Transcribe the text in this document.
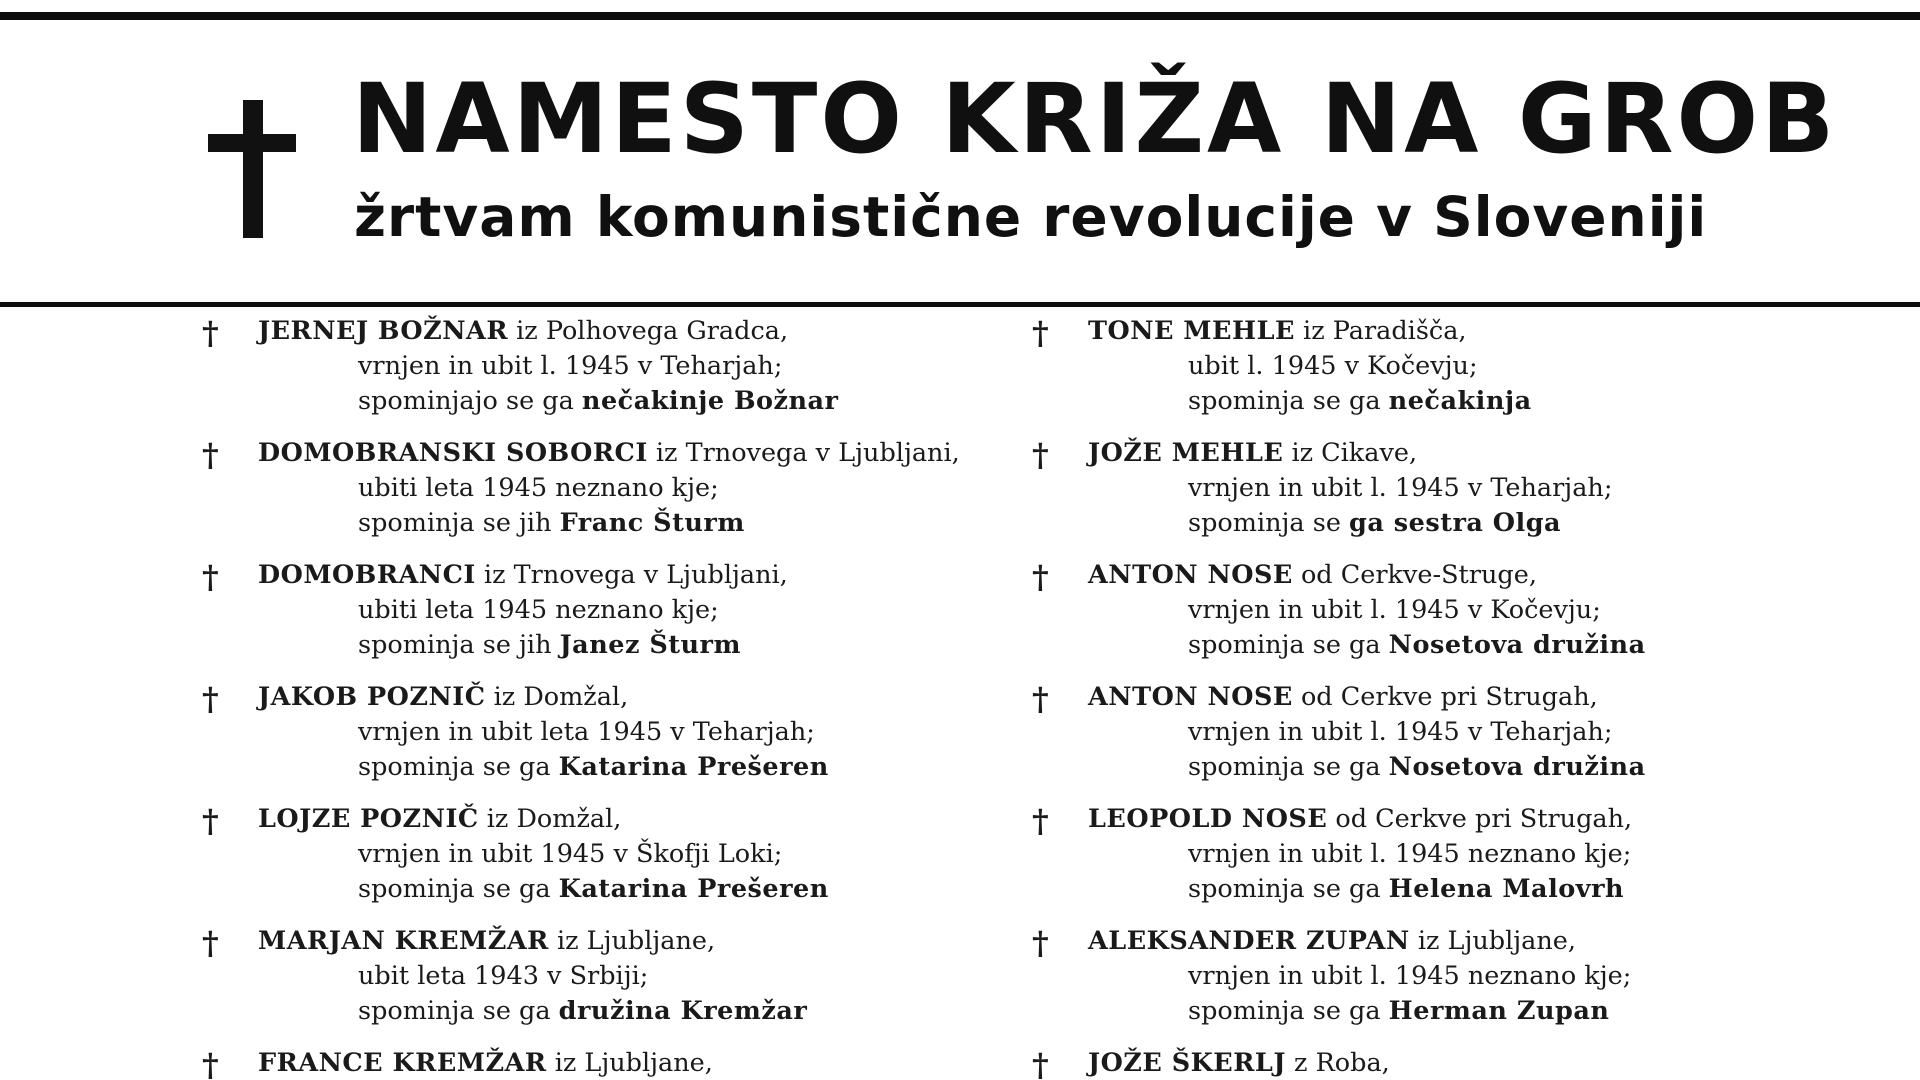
NAMESTO KRIŽA NA GROB
žrtvam komunistične revolucije v Sloveniji
† JERNEJ BOŽNAR iz Polhovega Gradca,
vrnjen in ubit l. 1945 v Teharjah;
spominjajo se ga nečakinje Božnar
† DOMOBRANSKI SOBORCI iz Trnovega v Ljubljani,
ubiti leta 1945 neznano kje;
spominja se jih Franc Šturm
† DOMOBRANCI iz Trnovega v Ljubljani,
ubiti leta 1945 neznano kje;
spominja se jih Janez Šturm
† JAKOB POZNIČ iz Domžal,
vrnjen in ubit leta 1945 v Teharjah;
spominja se ga Katarina Prešeren
† LOJZE POZNIČ iz Domžal,
vrnjen in ubit 1945 v Škofji Loki;
spominja se ga Katarina Prešeren
† MARJAN KREMŽAR iz Ljubljane,
ubit leta 1943 v Srbiji;
spominja se ga družina Kremžar
† FRANCE KREMŽAR iz Ljubljane,
† TONE MEHLE iz Paradišča,
ubit l. 1945 v Kočevju;
spominja se ga nečakinja
† JOŽE MEHLE iz Cikave,
vrnjen in ubit l. 1945 v Teharjah;
spominja se ga sestra Olga
† ANTON NOSE od Cerkve-Struge,
vrnjen in ubit l. 1945 v Kočevju;
spominja se ga Nosetova družina
† ANTON NOSE od Cerkve pri Strugah,
vrnjen in ubit l. 1945 v Teharjah;
spominja se ga Nosetova družina
† LEOPOLD NOSE od Cerkve pri Strugah,
vrnjen in ubit l. 1945 neznano kje;
spominja se ga Helena Malovrh
† ALEKSANDER ZUPAN iz Ljubljane,
vrnjen in ubit l. 1945 neznano kje;
spominja se ga Herman Zupan
† JOŽE ŠKERLJ z Roba,
